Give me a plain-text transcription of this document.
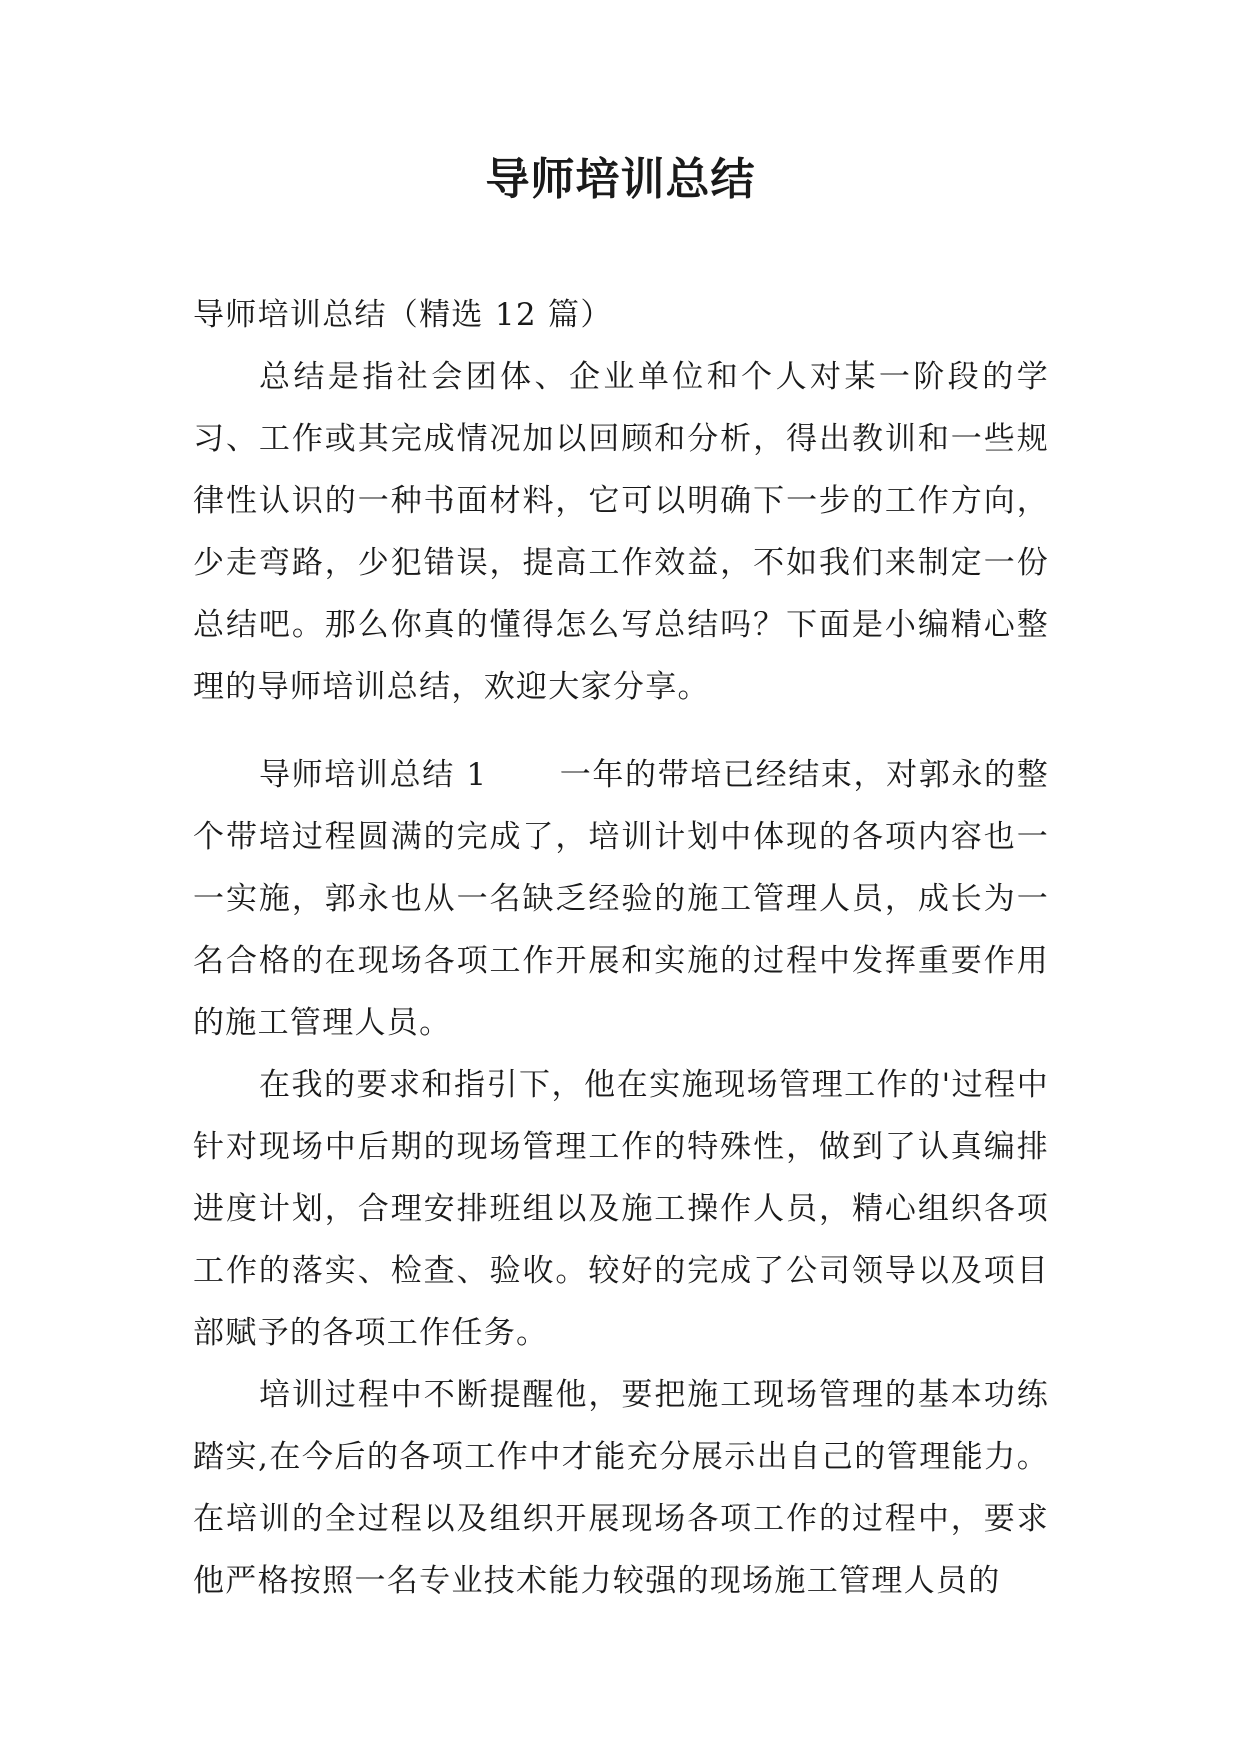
导师培训总结
导师培训总结（精选 12 篇）
总结是指社会团体、企业单位和个人对某一阶段的学习、工作或其完成情况加以回顾和分析，得出教训和一些规律性认识的一种书面材料，它可以明确下一步的工作方向，少走弯路，少犯错误，提高工作效益，不如我们来制定一份总结吧。那么你真的懂得怎么写总结吗？下面是小编精心整理的导师培训总结，欢迎大家分享。

导师培训总结 1 一年的带培已经结束，对郭永的整个带培过程圆满的完成了，培训计划中体现的各项内容也一一实施，郭永也从一名缺乏经验的施工管理人员，成长为一名合格的在现场各项工作开展和实施的过程中发挥重要作用的施工管理人员。

在我的要求和指引下，他在实施现场管理工作的'过程中针对现场中后期的现场管理工作的特殊性，做到了认真编排进度计划，合理安排班组以及施工操作人员，精心组织各项工作的落实、检查、验收。较好的完成了公司领导以及项目部赋予的各项工作任务。

培训过程中不断提醒他，要把施工现场管理的基本功练踏实,在今后的各项工作中才能充分展示出自己的管理能力。在培训的全过程以及组织开展现场各项工作的过程中，要求他严格按照一名专业技术能力较强的现场施工管理人员的
